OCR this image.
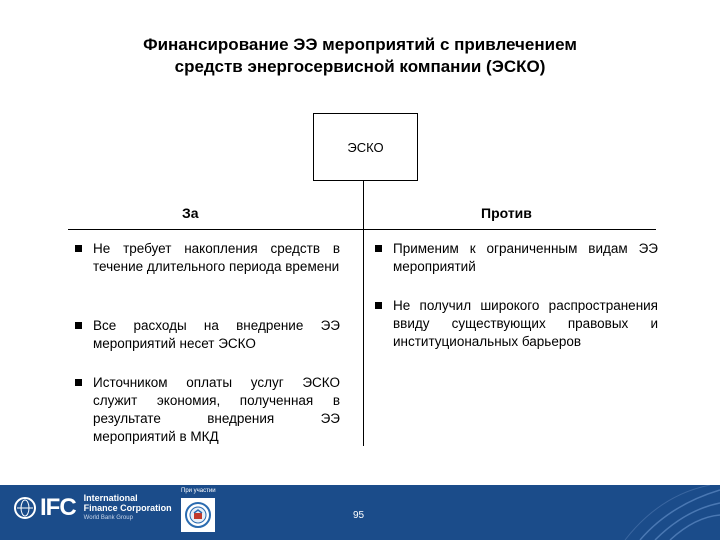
Финансирование ЭЭ мероприятий с привлечением
средств энергосервисной компании (ЭСКО)
ЭСКО
За	Против
Не требует накопления средств в течение длительного периода времени
Все расходы на внедрение ЭЭ мероприятий несет ЭСКО
Источником оплаты услуг ЭСКО служит экономия, полученная в результате внедрения ЭЭ мероприятий в МКД
Применим к ограниченным видам ЭЭ мероприятий
Не получил широкого распространения ввиду существующих правовых и институциональных барьеров
IFC International
Finance Corporation
World Bank Group
При участии
95
